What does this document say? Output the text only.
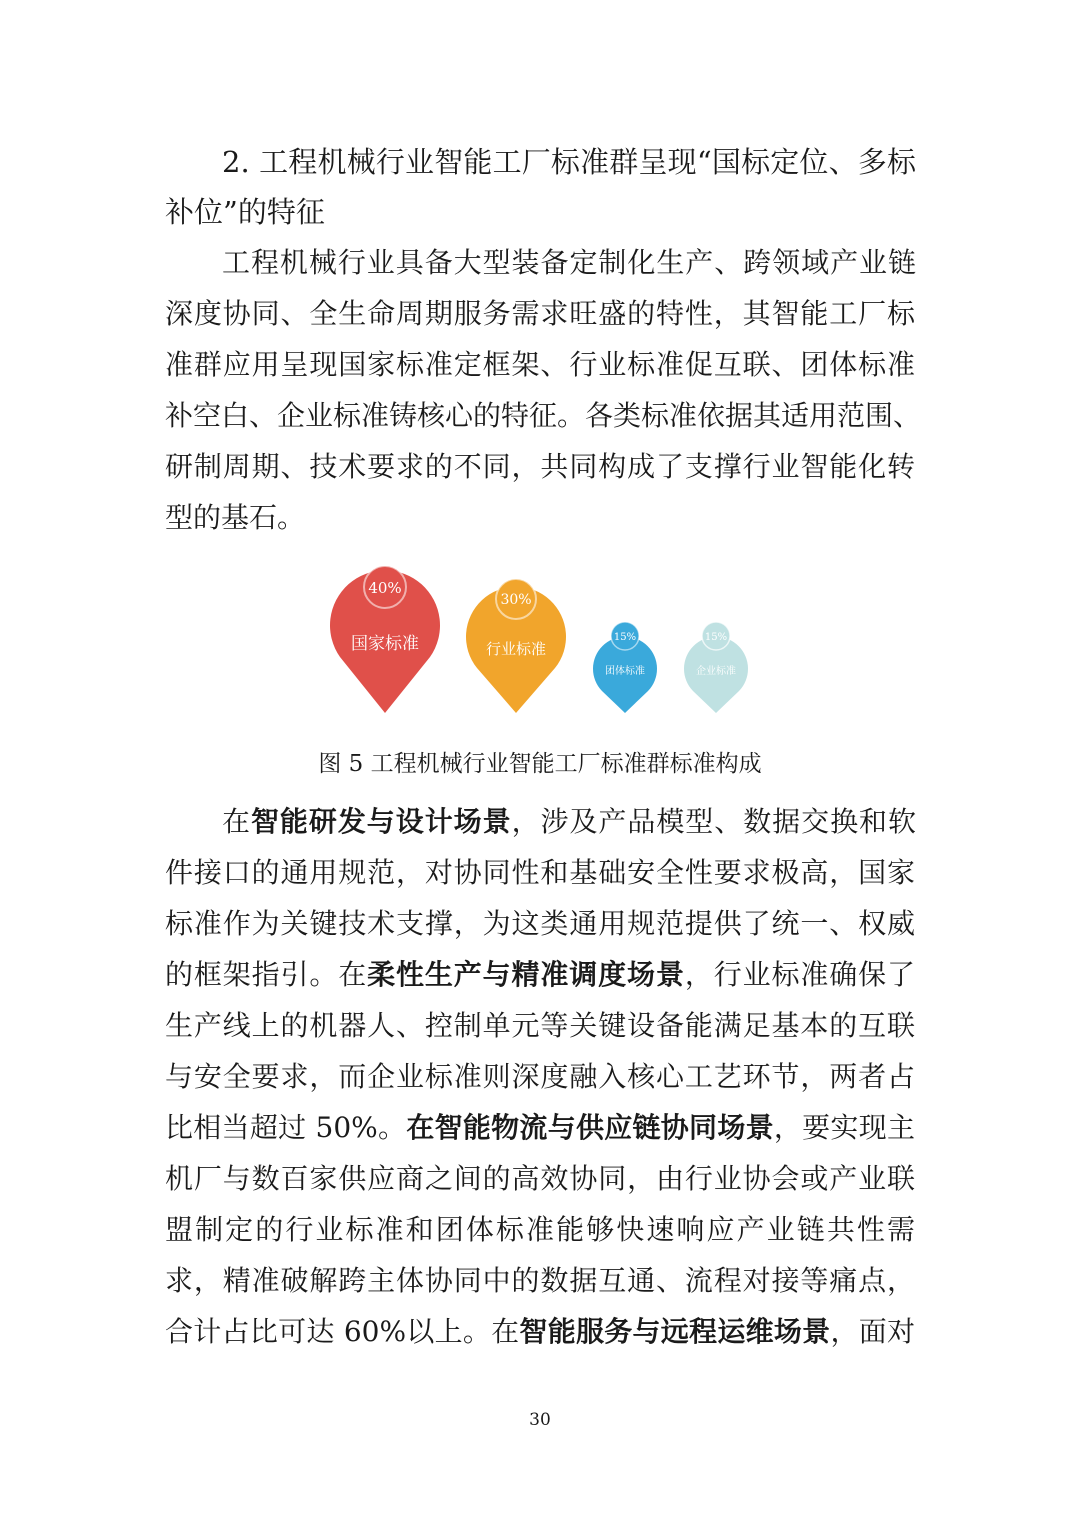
2. 工程机械行业智能工厂标准群呈现“国标定位、多标
补位”的特征
工程机械行业具备大型装备定制化生产、跨领域产业链
深度协同、全生命周期服务需求旺盛的特性，其智能工厂标
准群应用呈现国家标准定框架、行业标准促互联、团体标准
补空白、企业标准铸核心的特征。各类标准依据其适用范围、
研制周期、技术要求的不同，共同构成了支撑行业智能化转
型的基石。
40%
国家标准
30%
行业标准
15%
团体标准
15%
企业标准
图 5 工程机械行业智能工厂标准群标准构成
在智能研发与设计场景，涉及产品模型、数据交换和软
件接口的通用规范，对协同性和基础安全性要求极高，国家
标准作为关键技术支撑，为这类通用规范提供了统一、权威
的框架指引。在柔性生产与精准调度场景，行业标准确保了
生产线上的机器人、控制单元等关键设备能满足基本的互联
与安全要求，而企业标准则深度融入核心工艺环节，两者占
比相当超过 50%。在智能物流与供应链协同场景，要实现主
机厂与数百家供应商之间的高效协同，由行业协会或产业联
盟制定的行业标准和团体标准能够快速响应产业链共性需
求，精准破解跨主体协同中的数据互通、流程对接等痛点，
合计占比可达 60%以上。在智能服务与远程运维场景，面对
30
